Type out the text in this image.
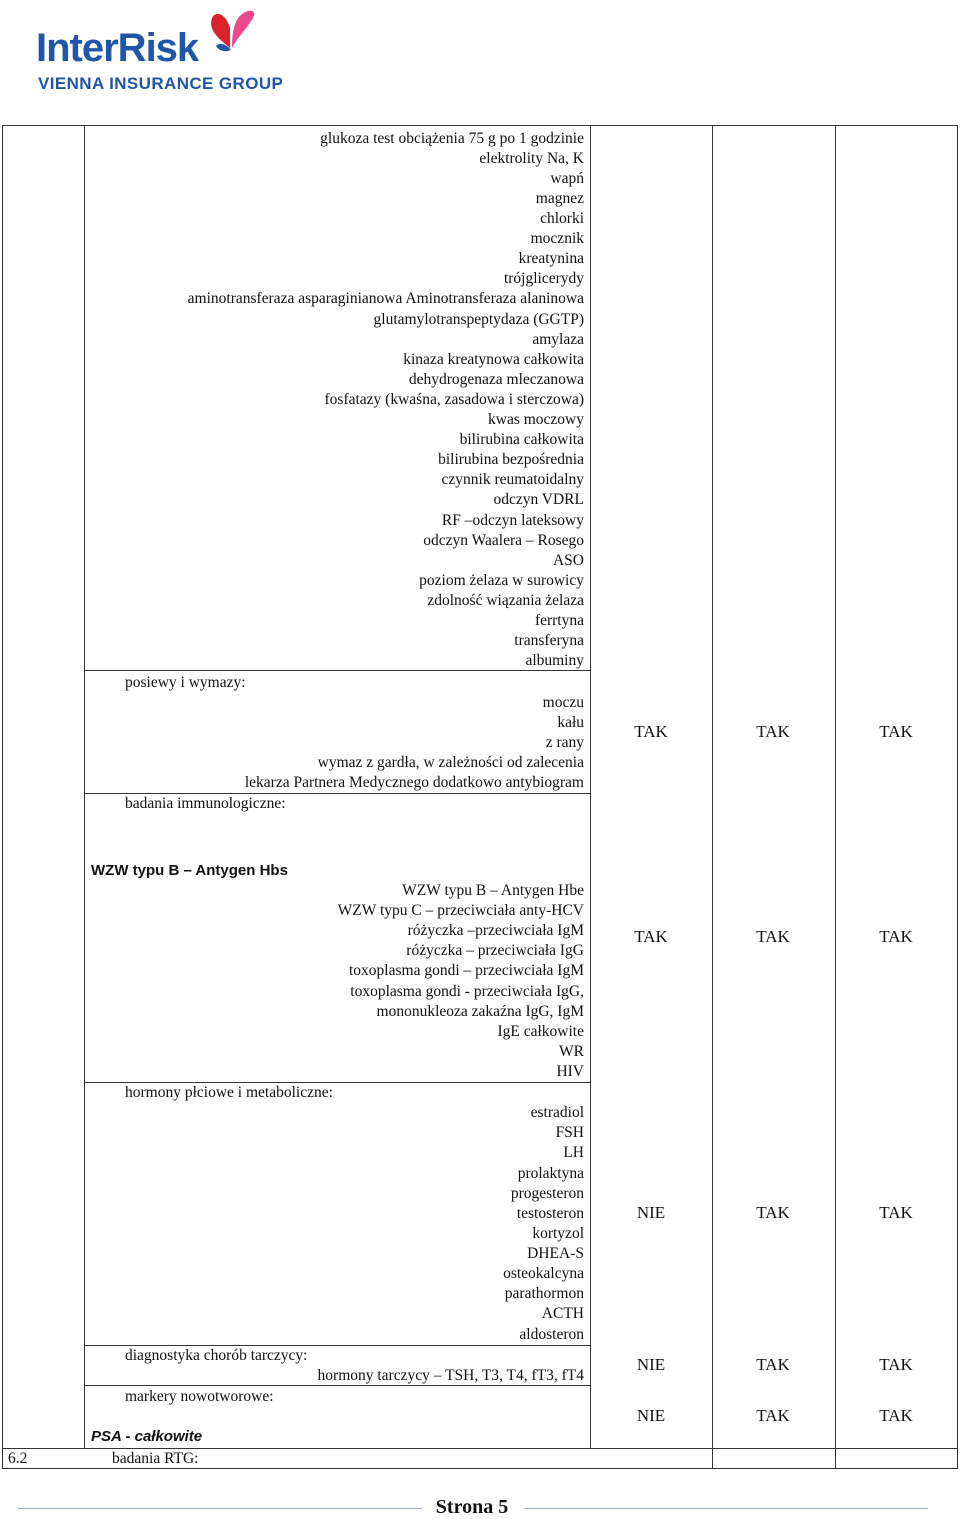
InterRisk
VIENNA INSURANCE GROUP
glukoza test obciążenia 75 g po 1 godzinie
elektrolity Na, K
wapń
magnez
chlorki
mocznik
kreatynina
trójglicerydy
aminotransferaza asparaginianowa Aminotransferaza alaninowa
glutamylotranspeptydaza (GGTP)
amylaza
kinaza kreatynowa całkowita
dehydrogenaza mleczanowa
fosfatazy (kwaśna, zasadowa i sterczowa)
kwas moczowy
bilirubina całkowita
bilirubina bezpośrednia
czynnik reumatoidalny
odczyn VDRL
RF –odczyn lateksowy
odczyn Waalera – Rosego
ASO
poziom żelaza w surowicy
zdolność wiązania żelaza
ferrtyna
transferyna
albuminy
posiewy i wymazy:
moczu
kału
z rany
wymaz z gardła, w zależności od zalecenia
lekarza Partnera Medycznego dodatkowo antybiogram
TAK	TAK	TAK
badania immunologiczne:
WZW typu B – Antygen Hbs
WZW typu B – Antygen Hbe
WZW typu C – przeciwciała anty-HCV
różyczka –przeciwciała IgM
różyczka – przeciwciała IgG
toxoplasma gondi – przeciwciała IgM
toxoplasma gondi - przeciwciała IgG,
mononukleoza zakaźna IgG, IgM
IgE całkowite
WR
HIV
TAK	TAK	TAK
hormony płciowe i metaboliczne:
estradiol
FSH
LH
prolaktyna
progesteron
testosteron
kortyzol
DHEA-S
osteokalcyna
parathormon
ACTH
aldosteron
NIE	TAK	TAK
diagnostyka chorób tarczycy:
hormony tarczycy – TSH, T3, T4, fT3, fT4
NIE	TAK	TAK
markery nowotworowe:
PSA - całkowite
NIE	TAK	TAK
6.2	badania RTG:
Strona 5
